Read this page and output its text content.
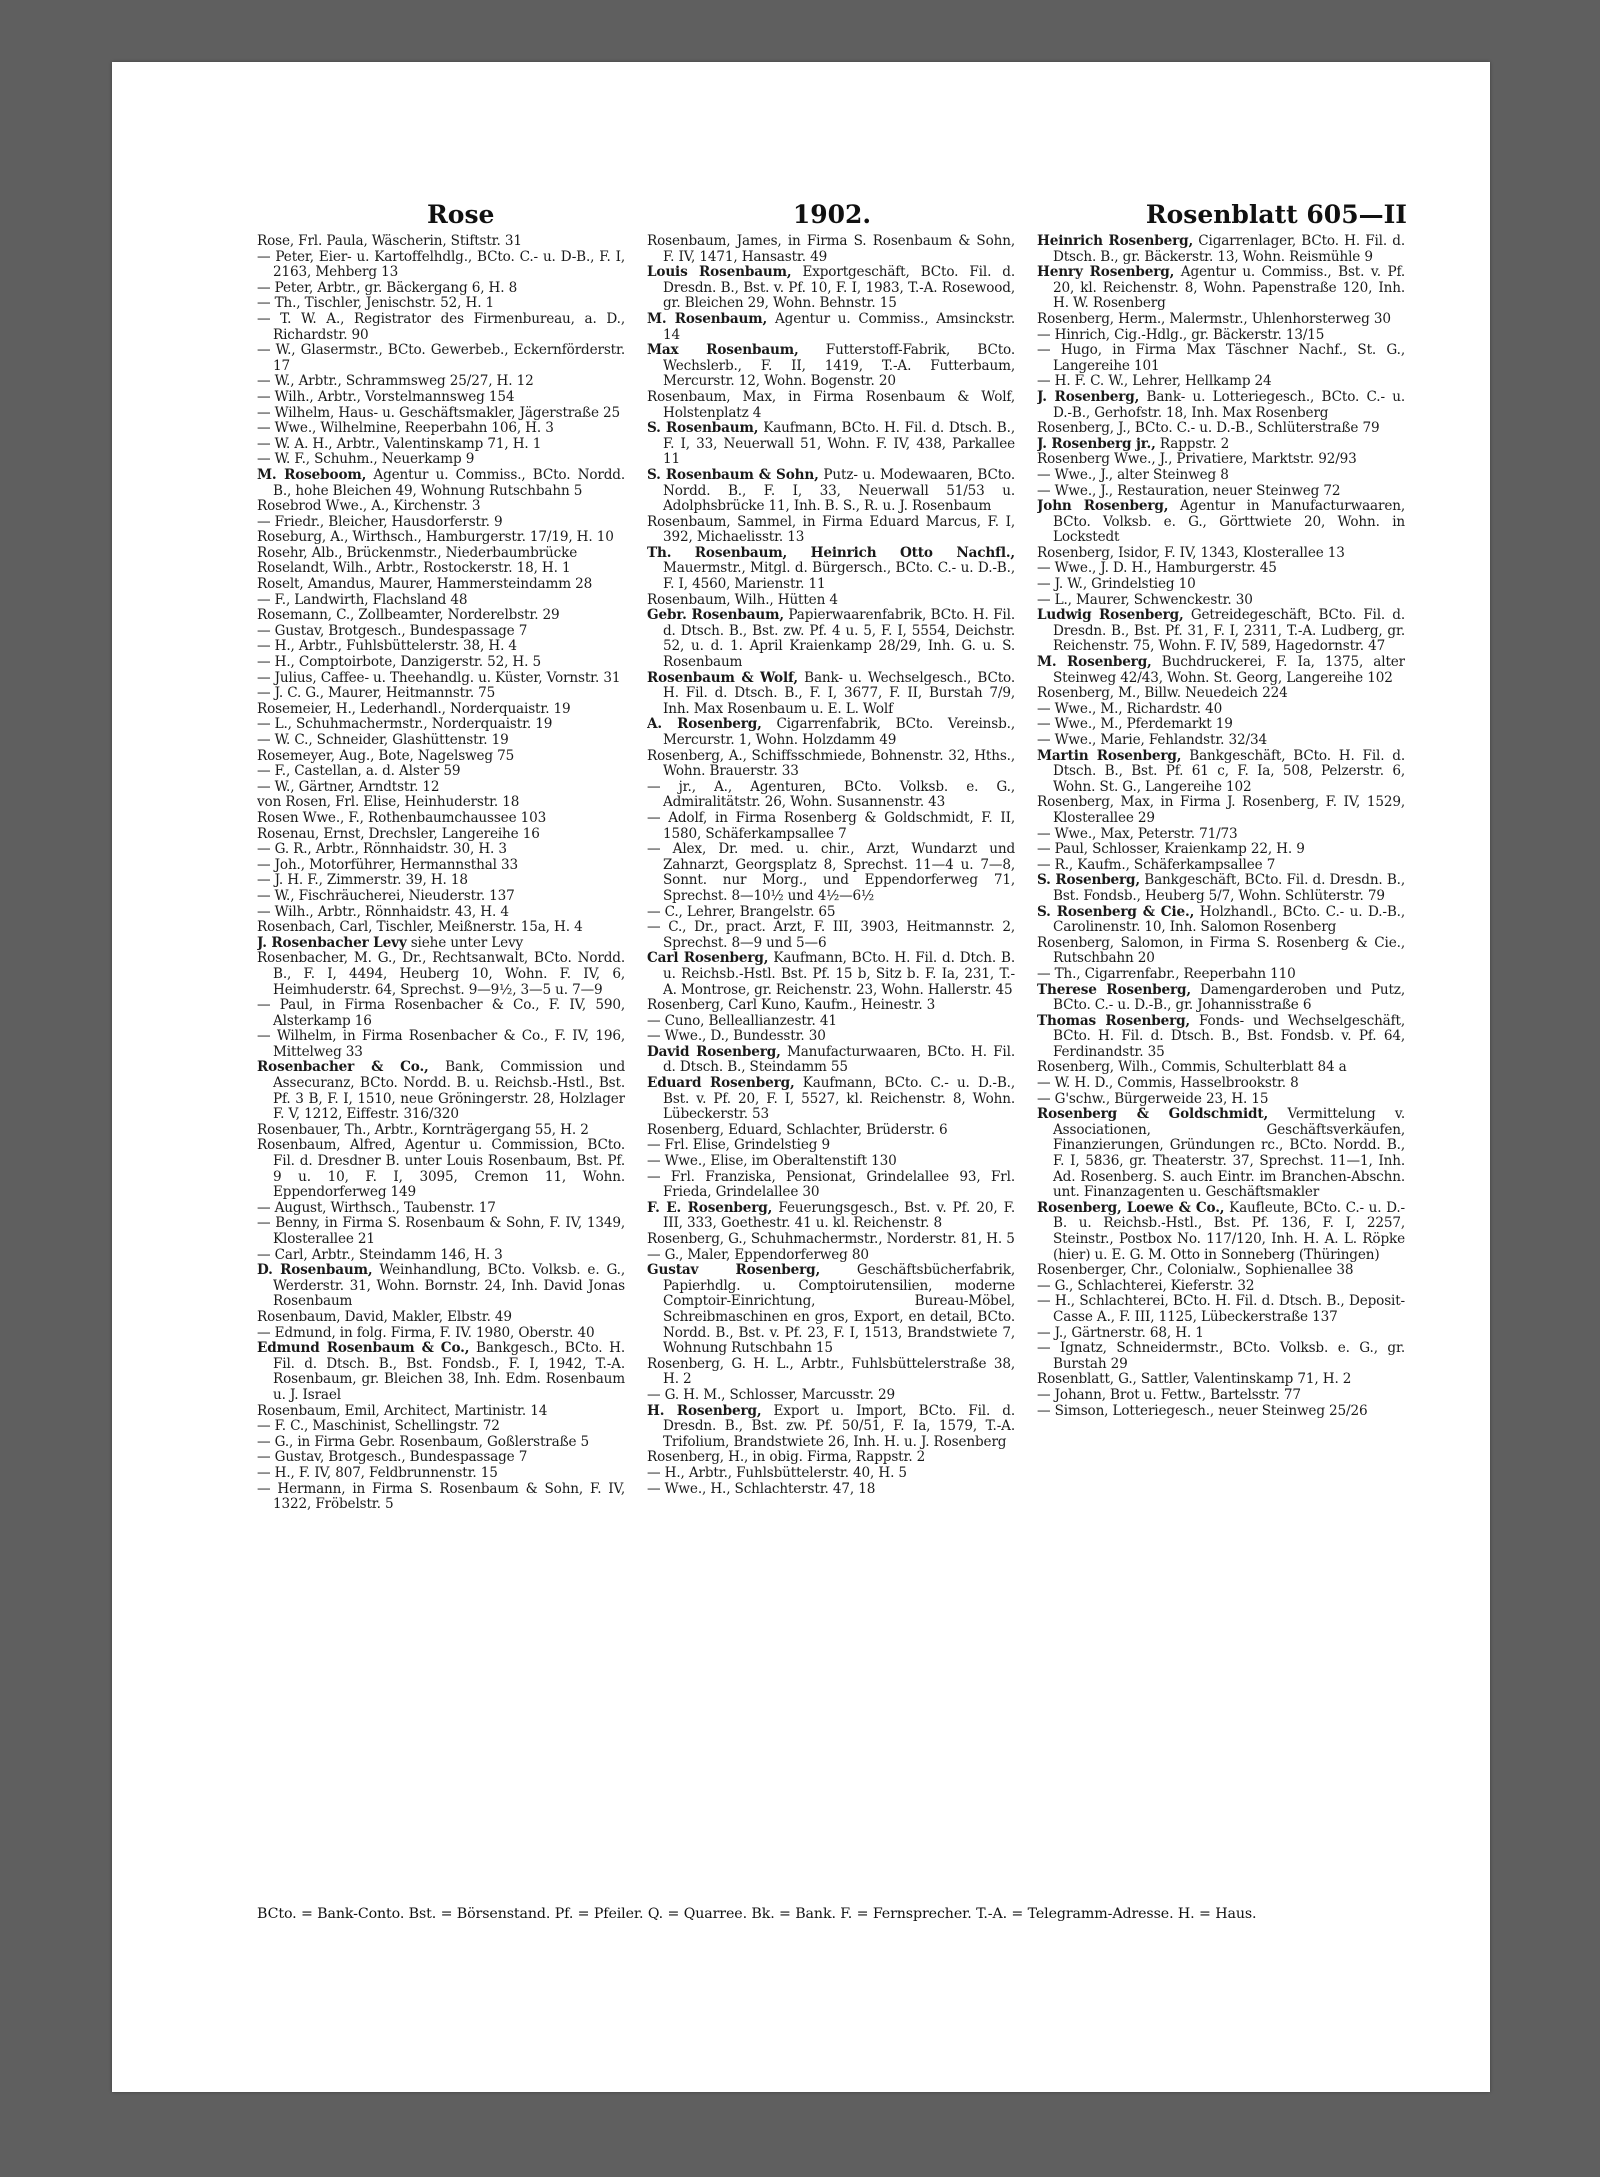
Rose	1902.	Rosenblatt 605—II

Rose, Frl. Paula, Wäscherin, Stiftstr. 31

— Peter, Eier- u. Kartoffelhdlg., BCto. C.- u. D-B., F. I, 2163, Mehberg 13

— Peter, Arbtr., gr. Bäckergang 6, H. 8

— Th., Tischler, Jenischstr. 52, H. 1

— T. W. A., Registrator des Firmenbureau, a. D., Richardstr. 90

— W., Glasermstr., BCto. Gewerbeb., Eckernförderstr. 17

— W., Arbtr., Schrammsweg 25/27, H. 12

— Wilh., Arbtr., Vorstelmannsweg 154

— Wilhelm, Haus- u. Geschäftsmakler, Jägerstraße 25

— Wwe., Wilhelmine, Reeperbahn 106, H. 3

— W. A. H., Arbtr., Valentinskamp 71, H. 1

— W. F., Schuhm., Neuerkamp 9

M. Roseboom, Agentur u. Commiss., BCto. Nordd. B., hohe Bleichen 49, Wohnung Rutschbahn 5

Rosebrod Wwe., A., Kirchenstr. 3

— Friedr., Bleicher, Hausdorferstr. 9

Roseburg, A., Wirthsch., Hamburgerstr. 17/19, H. 10

Rosehr, Alb., Brückenmstr., Niederbaumbrücke

Roselandt, Wilh., Arbtr., Rostockerstr. 18, H. 1

Roselt, Amandus, Maurer, Hammersteindamm 28

— F., Landwirth, Flachsland 48

Rosemann, C., Zollbeamter, Norderelbstr. 29

— Gustav, Brotgesch., Bundespassage 7

— H., Arbtr., Fuhlsbüttelerstr. 38, H. 4

— H., Comptoirbote, Danzigerstr. 52, H. 5

— Julius, Caffee- u. Theehandlg. u. Küster, Vornstr. 31

— J. C. G., Maurer, Heitmannstr. 75

Rosemeier, H., Lederhandl., Norderquaistr. 19

— L., Schuhmachermstr., Norderquaistr. 19

— W. C., Schneider, Glashüttenstr. 19

Rosemeyer, Aug., Bote, Nagelsweg 75

— F., Castellan, a. d. Alster 59

— W., Gärtner, Arndtstr. 12

von Rosen, Frl. Elise, Heinhuderstr. 18

Rosen Wwe., F., Rothenbaumchaussee 103

Rosenau, Ernst, Drechsler, Langereihe 16

— G. R., Arbtr., Rönnhaidstr. 30, H. 3

— Joh., Motorführer, Hermannsthal 33

— J. H. F., Zimmerstr. 39, H. 18

— W., Fischräucherei, Nieuderstr. 137

— Wilh., Arbtr., Rönnhaidstr. 43, H. 4

Rosenbach, Carl, Tischler, Meißnerstr. 15a, H. 4

J. Rosenbacher Levy siehe unter Levy

Rosenbacher, M. G., Dr., Rechtsanwalt, BCto. Nordd. B., F. I, 4494, Heuberg 10, Wohn. F. IV, 6, Heimhuderstr. 64, Sprechst. 9—9½, 3—5 u. 7—9

— Paul, in Firma Rosenbacher & Co., F. IV, 590, Alsterkamp 16

— Wilhelm, in Firma Rosenbacher & Co., F. IV, 196, Mittelweg 33

Rosenbacher & Co., Bank, Commission und Assecuranz, BCto. Nordd. B. u. Reichsb.-Hstl., Bst. Pf. 3 B, F. I, 1510, neue Gröningerstr. 28, Holzlager F. V, 1212, Eiffestr. 316/320

Rosenbauer, Th., Arbtr., Kornträgergang 55, H. 2

Rosenbaum, Alfred, Agentur u. Commission, BCto. Fil. d. Dresdner B. unter Louis Rosenbaum, Bst. Pf. 9 u. 10, F. I, 3095, Cremon 11, Wohn. Eppendorferweg 149

— August, Wirthsch., Taubenstr. 17

— Benny, in Firma S. Rosenbaum & Sohn, F. IV, 1349, Klosterallee 21

— Carl, Arbtr., Steindamm 146, H. 3

D. Rosenbaum, Weinhandlung, BCto. Volksb. e. G., Werderstr. 31, Wohn. Bornstr. 24, Inh. David Jonas Rosenbaum

Rosenbaum, David, Makler, Elbstr. 49

— Edmund, in folg. Firma, F. IV. 1980, Oberstr. 40

Edmund Rosenbaum & Co., Bankgesch., BCto. H. Fil. d. Dtsch. B., Bst. Fondsb., F. I, 1942, T.-A. Rosenbaum, gr. Bleichen 38, Inh. Edm. Rosenbaum u. J. Israel

Rosenbaum, Emil, Architect, Martinistr. 14

— F. C., Maschinist, Schellingstr. 72

— G., in Firma Gebr. Rosenbaum, Goßlerstraße 5

— Gustav, Brotgesch., Bundespassage 7

— H., F. IV, 807, Feldbrunnenstr. 15

— Hermann, in Firma S. Rosenbaum & Sohn, F. IV, 1322, Fröbelstr. 5

Rosenbaum, James, in Firma S. Rosenbaum & Sohn, F. IV, 1471, Hansastr. 49

Louis Rosenbaum, Exportgeschäft, BCto. Fil. d. Dresdn. B., Bst. v. Pf. 10, F. I, 1983, T.-A. Rosewood, gr. Bleichen 29, Wohn. Behnstr. 15

M. Rosenbaum, Agentur u. Commiss., Amsinckstr. 14

Max Rosenbaum, Futterstoff-Fabrik, BCto. Wechslerb., F. II, 1419, T.-A. Futterbaum, Mercurstr. 12, Wohn. Bogenstr. 20

Rosenbaum, Max, in Firma Rosenbaum & Wolf, Holstenplatz 4

S. Rosenbaum, Kaufmann, BCto. H. Fil. d. Dtsch. B., F. I, 33, Neuerwall 51, Wohn. F. IV, 438, Parkallee 11

S. Rosenbaum & Sohn, Putz- u. Modewaaren, BCto. Nordd. B., F. I, 33, Neuerwall 51/53 u. Adolphsbrücke 11, Inh. B. S., R. u. J. Rosenbaum

Rosenbaum, Sammel, in Firma Eduard Marcus, F. I, 392, Michaelisstr. 13

Th. Rosenbaum, Heinrich Otto Nachfl., Mauermstr., Mitgl. d. Bürgersch., BCto. C.- u. D.-B., F. I, 4560, Marienstr. 11

Rosenbaum, Wilh., Hütten 4

Gebr. Rosenbaum, Papierwaarenfabrik, BCto. H. Fil. d. Dtsch. B., Bst. zw. Pf. 4 u. 5, F. I, 5554, Deichstr. 52, u. d. 1. April Kraienkamp 28/29, Inh. G. u. S. Rosenbaum

Rosenbaum & Wolf, Bank- u. Wechselgesch., BCto. H. Fil. d. Dtsch. B., F. I, 3677, F. II, Burstah 7/9, Inh. Max Rosenbaum u. E. L. Wolf

A. Rosenberg, Cigarrenfabrik, BCto. Vereinsb., Mercurstr. 1, Wohn. Holzdamm 49

Rosenberg, A., Schiffsschmiede, Bohnenstr. 32, Hths., Wohn. Brauerstr. 33

— jr., A., Agenturen, BCto. Volksb. e. G., Admiralitätstr. 26, Wohn. Susannenstr. 43

— Adolf, in Firma Rosenberg & Goldschmidt, F. II, 1580, Schäferkampsallee 7

— Alex, Dr. med. u. chir., Arzt, Wundarzt und Zahnarzt, Georgsplatz 8, Sprechst. 11—4 u. 7—8, Sonnt. nur Morg., und Eppendorferweg 71, Sprechst. 8—10½ und 4½—6½

— C., Lehrer, Brangelstr. 65

— C., Dr., pract. Arzt, F. III, 3903, Heitmannstr. 2, Sprechst. 8—9 und 5—6

Carl Rosenberg, Kaufmann, BCto. H. Fil. d. Dtch. B. u. Reichsb.-Hstl. Bst. Pf. 15 b, Sitz b. F. Ia, 231, T.-A. Montrose, gr. Reichenstr. 23, Wohn. Hallerstr. 45

Rosenberg, Carl Kuno, Kaufm., Heinestr. 3

— Cuno, Belleallianzestr. 41

— Wwe., D., Bundesstr. 30

David Rosenberg, Manufacturwaaren, BCto. H. Fil. d. Dtsch. B., Steindamm 55

Eduard Rosenberg, Kaufmann, BCto. C.- u. D.-B., Bst. v. Pf. 20, F. I, 5527, kl. Reichenstr. 8, Wohn. Lübeckerstr. 53

Rosenberg, Eduard, Schlachter, Brüderstr. 6

— Frl. Elise, Grindelstieg 9

— Wwe., Elise, im Oberaltenstift 130

— Frl. Franziska, Pensionat, Grindelallee 93, Frl. Frieda, Grindelallee 30

F. E. Rosenberg, Feuerungsgesch., Bst. v. Pf. 20, F. III, 333, Goethestr. 41 u. kl. Reichenstr. 8

Rosenberg, G., Schuhmachermstr., Norderstr. 81, H. 5

— G., Maler, Eppendorferweg 80

Gustav Rosenberg,	Geschäftsbücherfabrik, Papierhdlg. u. Comptoirutensilien, moderne Comptoir-Einrichtung, Bureau-Möbel, Schreibmaschinen en gros, Export, en detail, BCto. Nordd. B., Bst. v. Pf. 23, F. I, 1513, Brandstwiete 7, Wohnung Rutschbahn 15

Rosenberg, G. H. L., Arbtr., Fuhlsbüttelerstraße 38, H. 2

— G. H. M., Schlosser, Marcusstr. 29

H. Rosenberg, Export u. Import, BCto. Fil. d. Dresdn. B., Bst. zw. Pf. 50/51, F. Ia, 1579, T.-A. Trifolium, Brandstwiete 26, Inh. H. u. J. Rosenberg

Rosenberg, H., in obig. Firma, Rappstr. 2

— H., Arbtr., Fuhlsbüttelerstr. 40, H. 5

— Wwe., H., Schlachterstr. 47, 18

Heinrich Rosenberg, Cigarrenlager, BCto. H. Fil. d. Dtsch. B., gr. Bäckerstr. 13, Wohn. Reismühle 9

Henry Rosenberg, Agentur u. Commiss., Bst. v. Pf. 20, kl. Reichenstr. 8, Wohn. Papenstraße 120, Inh. H. W. Rosenberg

Rosenberg, Herm., Malermstr., Uhlenhorsterweg 30

— Hinrich, Cig.-Hdlg., gr. Bäckerstr. 13/15

— Hugo, in Firma Max Täschner Nachf., St. G., Langereihe 101

— H. F. C. W., Lehrer, Hellkamp 24

J. Rosenberg, Bank- u. Lotteriegesch., BCto. C.- u. D.-B., Gerhofstr. 18, Inh. Max Rosenberg

Rosenberg, J., BCto. C.- u. D.-B., Schlüterstraße 79

J. Rosenberg jr., Rappstr. 2

Rosenberg Wwe., J., Privatiere, Marktstr. 92/93

— Wwe., J., alter Steinweg 8

— Wwe., J., Restauration, neuer Steinweg 72

John Rosenberg, Agentur in Manufacturwaaren, BCto. Volksb. e. G., Görttwiete 20, Wohn. in Lockstedt

Rosenberg, Isidor, F. IV, 1343, Klosterallee 13

— Wwe., J. D. H., Hamburgerstr. 45

— J. W., Grindelstieg 10

— L., Maurer, Schwenckestr. 30

Ludwig Rosenberg, Getreidegeschäft, BCto. Fil. d. Dresdn. B., Bst. Pf. 31, F. I, 2311, T.-A. Ludberg, gr. Reichenstr. 75, Wohn. F. IV, 589, Hagedornstr. 47

M. Rosenberg, Buchdruckerei, F. Ia, 1375, alter Steinweg 42/43, Wohn. St. Georg, Langereihe 102

Rosenberg, M., Billw. Neuedeich 224

— Wwe., M., Richardstr. 40

— Wwe., M., Pferdemarkt 19

— Wwe., Marie, Fehlandstr. 32/34

Martin Rosenberg, Bankgeschäft, BCto. H. Fil. d. Dtsch. B., Bst. Pf. 61 c, F. Ia, 508, Pelzerstr. 6, Wohn. St. G., Langereihe 102

Rosenberg, Max, in Firma J. Rosenberg, F. IV, 1529, Klosterallee 29

— Wwe., Max, Peterstr. 71/73

— Paul, Schlosser, Kraienkamp 22, H. 9

— R., Kaufm., Schäferkampsallee 7

S. Rosenberg, Bankgeschäft, BCto. Fil. d. Dresdn. B., Bst. Fondsb., Heuberg 5/7, Wohn. Schlüterstr. 79

S. Rosenberg & Cie., Holzhandl., BCto. C.- u. D.-B., Carolinenstr. 10, Inh. Salomon Rosenberg

Rosenberg, Salomon, in Firma S. Rosenberg & Cie., Rutschbahn 20

— Th., Cigarrenfabr., Reeperbahn 110

Therese Rosenberg, Damengarderoben und Putz, BCto. C.- u. D.-B., gr. Johannisstraße 6

Thomas Rosenberg, Fonds- und Wechselgeschäft, BCto. H. Fil. d. Dtsch. B., Bst. Fondsb. v. Pf. 64, Ferdinandstr. 35

Rosenberg, Wilh., Commis, Schulterblatt 84 a

— W. H. D., Commis, Hasselbrookstr. 8

— G'schw., Bürgerweide 23, H. 15

Rosenberg & Goldschmidt, Vermittelung v. Associationen, Geschäftsverkäufen, Finanzierungen, Gründungen rc., BCto. Nordd. B., F. I, 5836, gr. Theaterstr. 37, Sprechst. 11—1, Inh. Ad. Rosenberg. S. auch Eintr. im Branchen-Abschn. unt. Finanzagenten u. Geschäftsmakler

Rosenberg, Loewe & Co., Kaufleute, BCto. C.- u. D.-B. u. Reichsb.-Hstl., Bst. Pf. 136, F. I, 2257, Steinstr., Postbox No. 117/120, Inh. H. A. L. Röpke (hier) u. E. G. M. Otto in Sonneberg (Thüringen)

Rosenberger, Chr., Colonialw., Sophienallee 38

— G., Schlachterei, Kieferstr. 32

— H., Schlachterei, BCto. H. Fil. d. Dtsch. B., Deposit-Casse A., F. III, 1125, Lübeckerstraße 137

— J., Gärtnerstr. 68, H. 1

— Ignatz, Schneidermstr., BCto. Volksb. e. G., gr. Burstah 29

Rosenblatt, G., Sattler, Valentinskamp 71, H. 2

— Johann, Brot u. Fettw., Bartelsstr. 77

— Simson, Lotteriegesch., neuer Steinweg 25/26

BCto. = Bank-Conto. Bst. = Börsenstand. Pf. = Pfeiler. Q. = Quarree. Bk. = Bank. F. = Fernsprecher. T.-A. = Telegramm-Adresse. H. = Haus.
